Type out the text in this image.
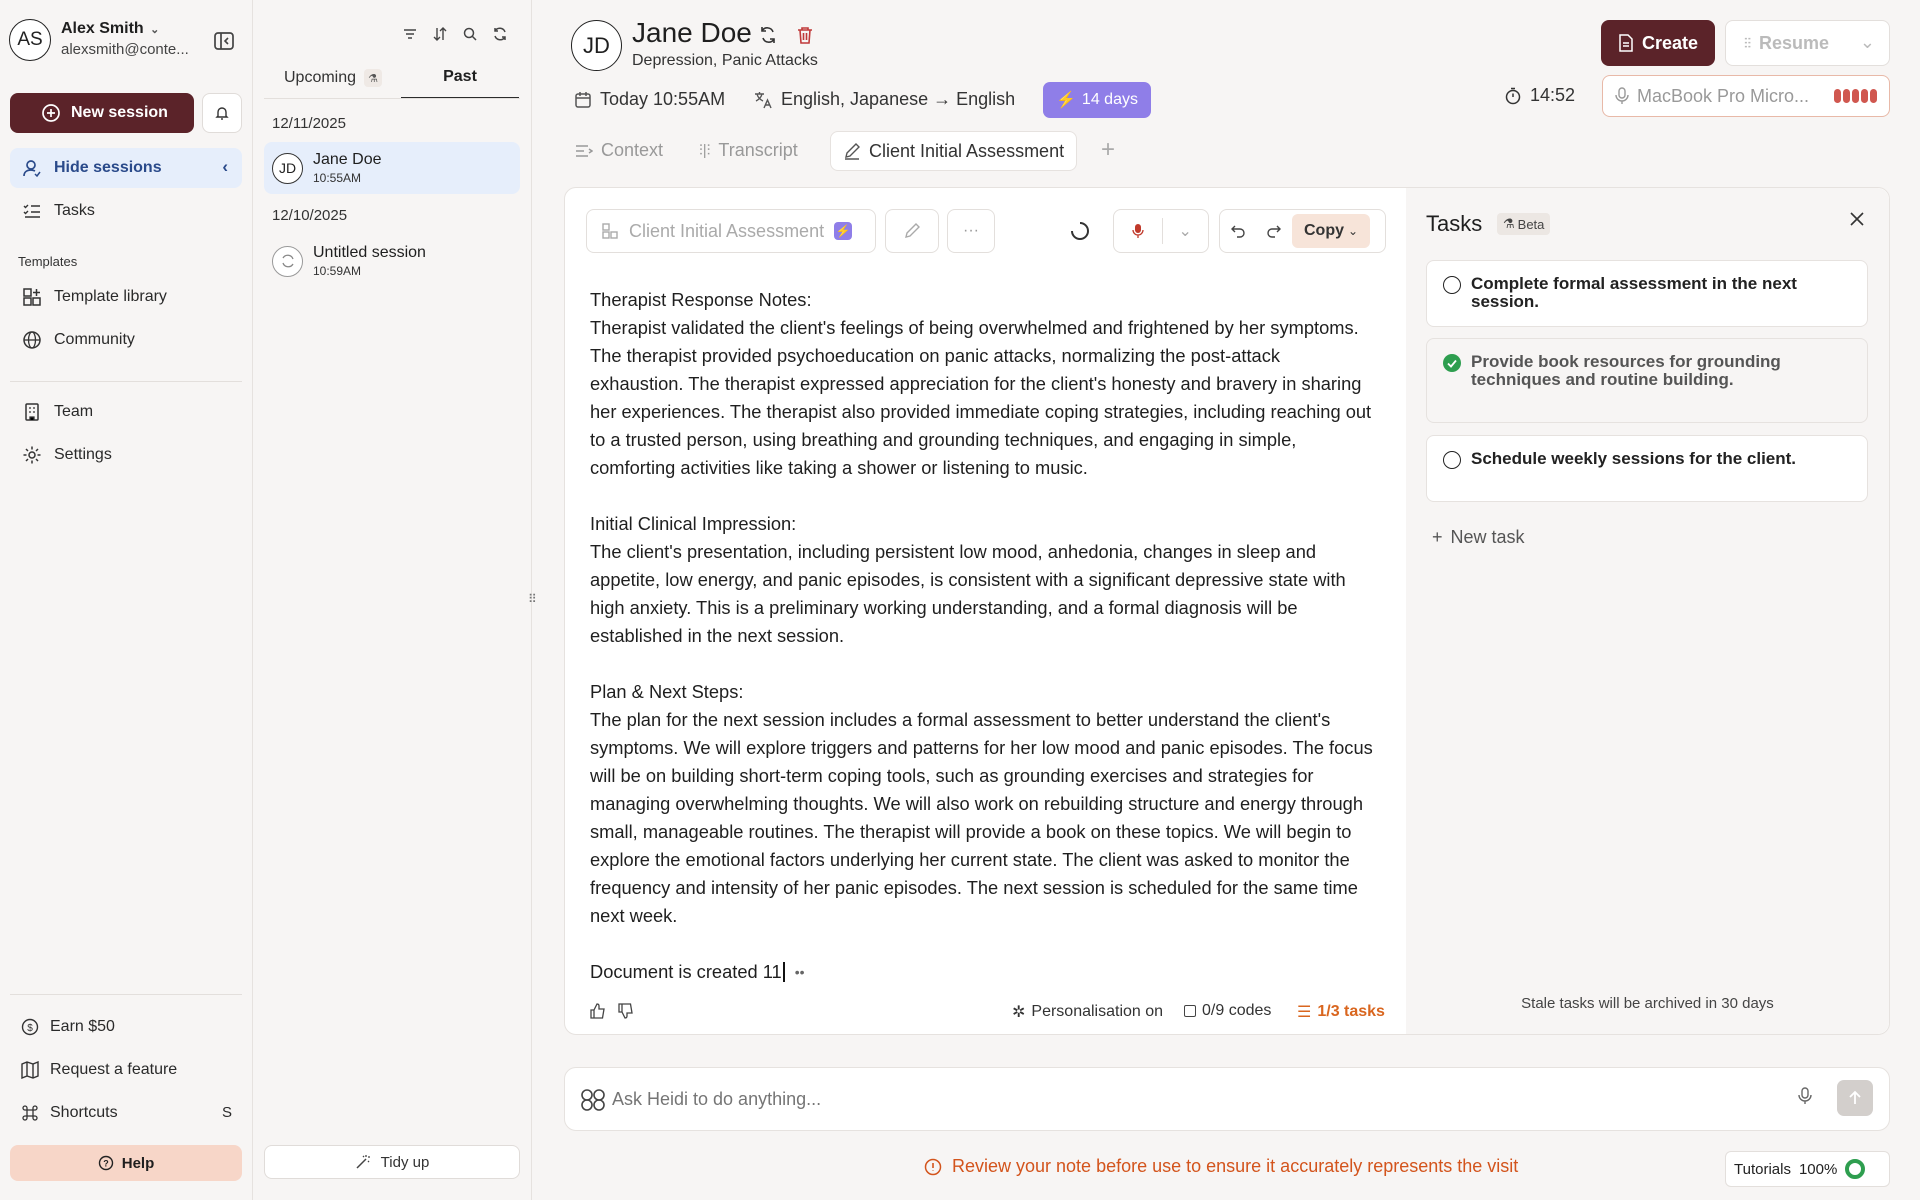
AS
Alex Smith ⌄
alexsmith@conte...
New session
Hide sessions	‹
Tasks
Templates
Template library
Community
Team
Settings
$ Earn $50
Request a feature
Shortcuts	S
? Help
Upcoming	⚗	Past
12/11/2025
JD	Jane Doe
10:55AM
12/10/2025
Untitled session
10:59AM
Tidy up
⠿
JD Jane Doe
Depression, Panic Attacks
Today 10:55AM	English, Japanese → English	⚡ 14 days	14:52	MacBook Pro Micro...
Create	⫶⫶ Resume ⌄
Context ⫶|⫶ Transcript	Client Initial Assessment +
Client Initial Assessment ⚡	···	⌄	Copy ⌄
Therapist Response Notes:
Therapist validated the client's feelings of being overwhelmed and frightened by her symptoms. The therapist provided psychoeducation on panic attacks, normalizing the post-attack exhaustion. The therapist expressed appreciation for the client's honesty and bravery in sharing her experiences. The therapist also provided immediate coping strategies, including reaching out to a trusted person, using breathing and grounding techniques, and engaging in simple, comforting activities like taking a shower or listening to music.
Initial Clinical Impression:
The client's presentation, including persistent low mood, anhedonia, changes in sleep and appetite, low energy, and panic episodes, is consistent with a significant depressive state with high anxiety. This is a preliminary working understanding, and a formal diagnosis will be established in the next session.
Plan & Next Steps:
The plan for the next session includes a formal assessment to better understand the client's symptoms. We will explore triggers and patterns for her low mood and panic episodes. The focus will be on building short-term coping tools, such as grounding exercises and strategies for managing overwhelming thoughts. We will also work on rebuilding structure and energy through small, manageable routines. The therapist will provide a book on these topics. We will begin to explore the emotional factors underlying her current state. The client was asked to monitor the frequency and intensity of her panic episodes. The next session is scheduled for the same time next week.
Document is created 11 ••
✲ Personalisation on 0/9 codes ☰ 1/3 tasks
Tasks ⚗ Beta
Complete formal assessment in the next session.
Provide book resources for grounding techniques and routine building.
Schedule weekly sessions for the client.
+ New task
Stale tasks will be archived in 30 days
Ask Heidi to do anything...
Review your note before use to ensure it accurately represents the visit	Tutorials 100%
